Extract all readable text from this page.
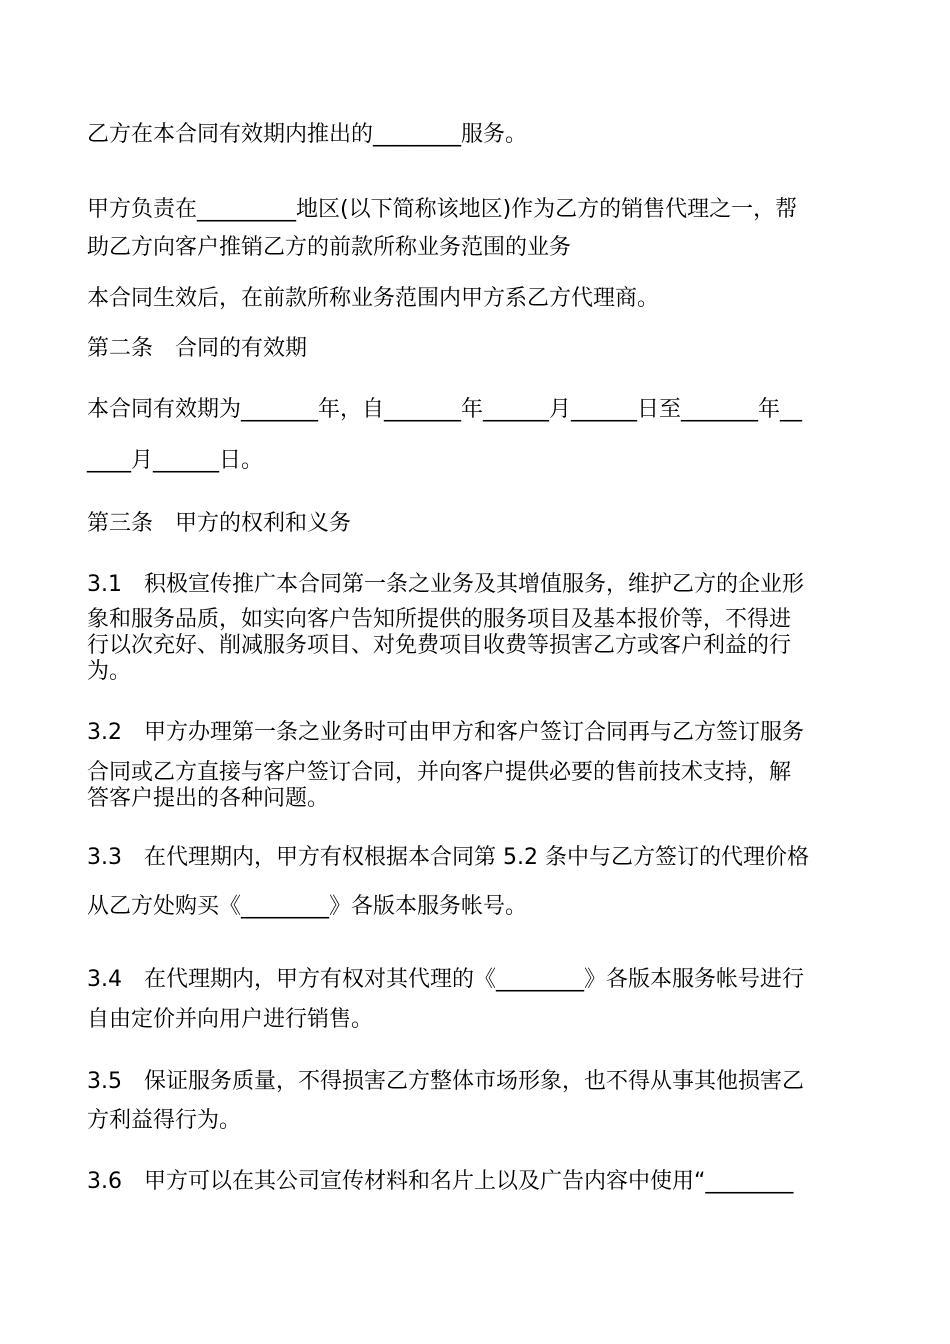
乙方在本合同有效期内推出的________服务。

甲方负责在_________地区(以下简称该地区)作为乙方的销售代理之一，帮

助乙方向客户推销乙方的前款所称业务范围的业务

本合同生效后，在前款所称业务范围内甲方系乙方代理商。

第二条　合同的有效期

本合同有效期为_______年，自_______年______月______日至_______年__

____月______日。

第三条　甲方的权利和义务

3.1　积极宣传推广本合同第一条之业务及其增值服务，维护乙方的企业形

象和服务品质，如实向客户告知所提供的服务项目及基本报价等，不得进

行以次充好、削减服务项目、对免费项目收费等损害乙方或客户利益的行

为。

3.2　甲方办理第一条之业务时可由甲方和客户签订合同再与乙方签订服务

合同或乙方直接与客户签订合同，并向客户提供必要的售前技术支持，解

答客户提出的各种问题。

3.3　在代理期内，甲方有权根据本合同第 5.2 条中与乙方签订的代理价格

从乙方处购买《________》各版本服务帐号。

3.4　在代理期内，甲方有权对其代理的《________》各版本服务帐号进行

自由定价并向用户进行销售。

3.5　保证服务质量，不得损害乙方整体市场形象，也不得从事其他损害乙

方利益得行为。

3.6　甲方可以在其公司宣传材料和名片上以及广告内容中使用“________
